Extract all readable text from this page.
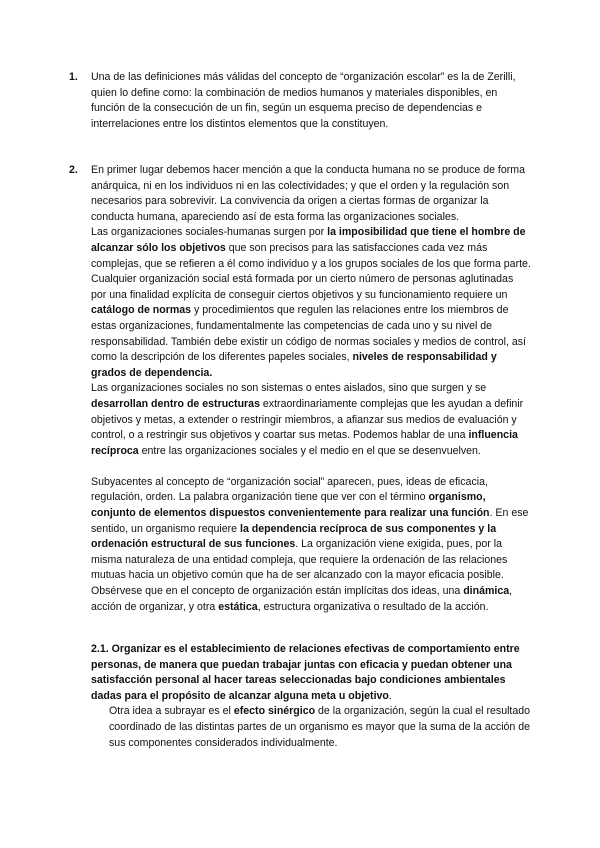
1. Una de las definiciones más válidas del concepto de “organización escolar” es la de Zerilli, quien lo define como: la combinación de medios humanos y materiales disponibles, en función de la consecución de un fin, según un esquema preciso de dependencias e interrelaciones entre los distintos elementos que la constituyen.

2. En primer lugar debemos hacer mención a que la conducta humana no se produce de forma anárquica, ni en los individuos ni en las colectividades; y que el orden y la regulación son necesarios para sobrevivir. La convivencia da origen a ciertas formas de organizar la conducta humana, apareciendo así de esta forma las organizaciones sociales.

Las organizaciones sociales-humanas surgen por la imposibilidad que tiene el hombre de alcanzar sólo los objetivos que son precisos para las satisfacciones cada vez más complejas, que se refieren a él como individuo y a los grupos sociales de los que forma parte.

Cualquier organización social está formada por un cierto número de personas aglutinadas por una finalidad explícita de conseguir ciertos objetivos y su funcionamiento requiere un catálogo de normas y procedimientos que regulen las relaciones entre los miembros de estas organizaciones, fundamentalmente las competencias de cada uno y su nivel de responsabilidad. También debe existir un código de normas sociales y medios de control, así como la descripción de los diferentes papeles sociales, niveles de responsabilidad y grados de dependencia.

Las organizaciones sociales no son sistemas o entes aislados, sino que surgen y se desarrollan dentro de estructuras extraordinariamente complejas que les ayudan a definir objetivos y metas, a extender o restringir miembros, a afianzar sus medios de evaluación y control, o a restringir sus objetivos y coartar sus metas. Podemos hablar de una influencia recíproca entre las organizaciones sociales y el medio en el que se desenvuelven.

Subyacentes al concepto de “organización social” aparecen, pues, ideas de eficacia, regulación, orden. La palabra organización tiene que ver con el término organismo, conjunto de elementos dispuestos convenientemente para realizar una función. En ese sentido, un organismo requiere la dependencia recíproca de sus componentes y la ordenación estructural de sus funciones. La organización viene exigida, pues, por la misma naturaleza de una entidad compleja, que requiere la ordenación de las relaciones mutuas hacia un objetivo común que ha de ser alcanzado con la mayor eficacia posible. Obsérvese que en el concepto de organización están implícitas dos ideas, una dinámica, acción de organizar, y otra estática, estructura organizativa o resultado de la acción.

2.1. Organizar es el establecimiento de relaciones efectivas de comportamiento entre personas, de manera que puedan trabajar juntas con eficacia y puedan obtener una satisfacción personal al hacer tareas seleccionadas bajo condiciones ambientales dadas para el propósito de alcanzar alguna meta u objetivo.

Otra idea a subrayar es el efecto sinérgico de la organización, según la cual el resultado coordinado de las distintas partes de un organismo es mayor que la suma de la acción de sus componentes considerados individualmente.
